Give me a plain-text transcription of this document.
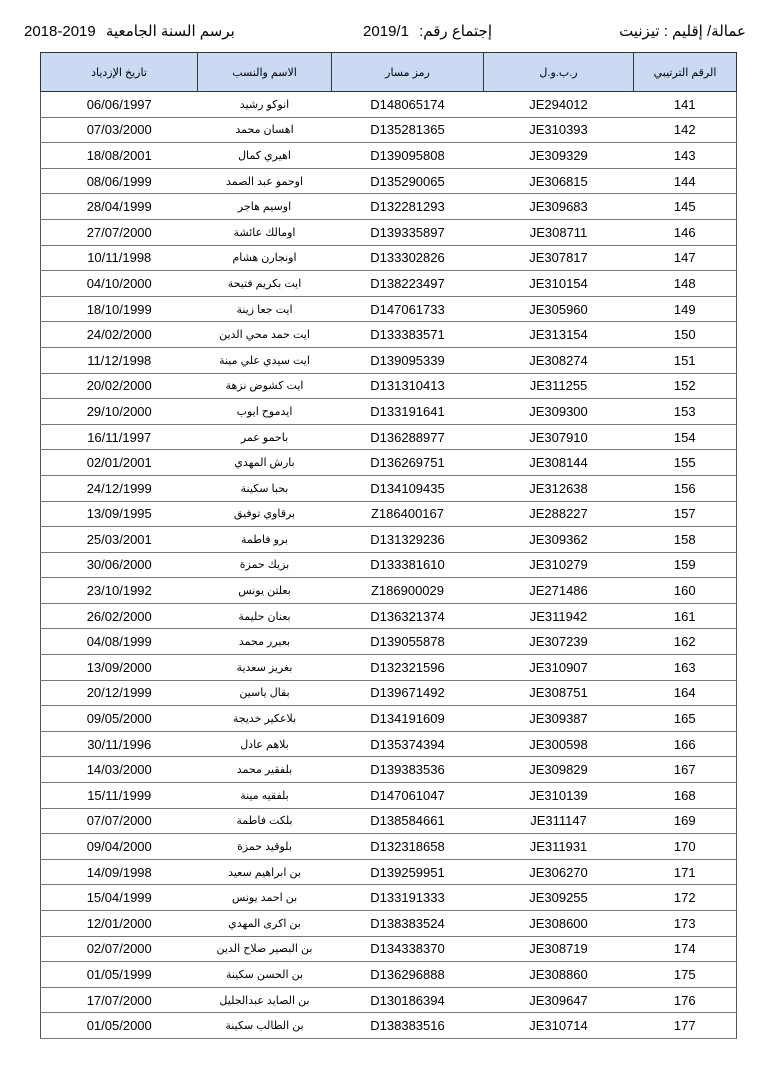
عمالة/ إقليم : تيزنيت
إجتماع رقم: 2019/1
برسم السنة الجامعية 2019-2018
الرقم الترتيبي	ر.ب.و.ل	رمز مسار	الاسم والنسب	تاريخ الإزدياد
141	JE294012	D148065174	انوكو رشيد	06/06/1997
142	JE310393	D135281365	اهسان محمد	07/03/2000
143	JE309329	D139095808	اهيري كمال	18/08/2001
144	JE306815	D135290065	اوحمو عبد الصمد	08/06/1999
145	JE309683	D132281293	اوسيم هاجر	28/04/1999
146	JE308711	D139335897	اومالك عائشة	27/07/2000
147	JE307817	D133302826	اونجارن هشام	10/11/1998
148	JE310154	D138223497	ايت بكريم فتيحة	04/10/2000
149	JE305960	D147061733	ايت جعا زينة	18/10/1999
150	JE313154	D133383571	ايت حمد محي الدين	24/02/2000
151	JE308274	D139095339	ايت سيدي علي مينة	11/12/1998
152	JE311255	D131310413	ايت كشوض نزهة	20/02/2000
153	JE309300	D133191641	ايدموح ايوب	29/10/2000
154	JE307910	D136288977	باحمو عمر	16/11/1997
155	JE308144	D136269751	بارش المهدي	02/01/2001
156	JE312638	D134109435	بحبا سكينة	24/12/1999
157	JE288227	Z186400167	برقاوي توفيق	13/09/1995
158	JE309362	D131329236	برو فاطمة	25/03/2001
159	JE310279	D133381610	بزيك حمزة	30/06/2000
160	JE271486	Z186900029	بعلتن يونس	23/10/1992
161	JE311942	D136321374	بعنان حليمة	26/02/2000
162	JE307239	D139055878	بعيرر محمد	04/08/1999
163	JE310907	D132321596	بغريز سعدية	13/09/2000
164	JE308751	D139671492	بقال ياسين	20/12/1999
165	JE309387	D134191609	بلاعكير خديجة	09/05/2000
166	JE300598	D135374394	بلاهم عادل	30/11/1996
167	JE309829	D139383536	بلفقير محمد	14/03/2000
168	JE310139	D147061047	بلفقيه مينة	15/11/1999
169	JE311147	D138584661	بلكت فاطمة	07/07/2000
170	JE311931	D132318658	بلوقيد حمزة	09/04/2000
171	JE306270	D139259951	بن ابراهيم سعيد	14/09/1998
172	JE309255	D133191333	بن احمد يونس	15/04/1999
173	JE308600	D138383524	بن اكرى المهدي	12/01/2000
174	JE308719	D134338370	بن البصير صلاح الدين	02/07/2000
175	JE308860	D136296888	بن الحسن سكينة	01/05/1999
176	JE309647	D130186394	بن الصايد عبدالجليل	17/07/2000
177	JE310714	D138383516	بن الطالب سكينة	01/05/2000
